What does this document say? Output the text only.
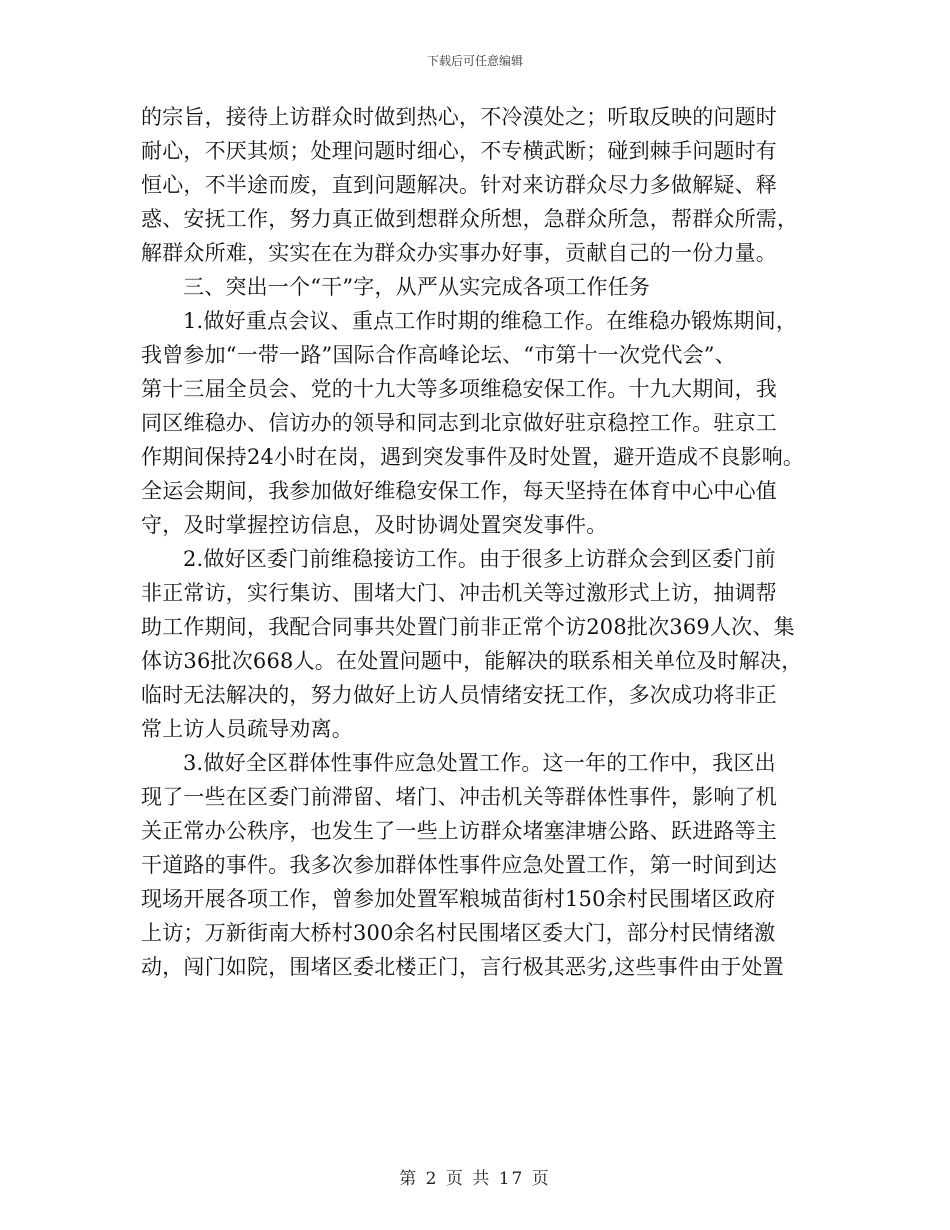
下载后可任意编辑
的宗旨，接待上访群众时做到热心，不冷漠处之；听取反映的问题时
耐心，不厌其烦；处理问题时细心，不专横武断；碰到棘手问题时有
恒心，不半途而废，直到问题解决。针对来访群众尽力多做解疑、释
惑、安抚工作，努力真正做到想群众所想，急群众所急，帮群众所需，
解群众所难，实实在在为群众办实事办好事，贡献自己的一份力量。
三、突出一个“干”字，从严从实完成各项工作任务
1.做好重点会议、重点工作时期的维稳工作。在维稳办锻炼期间，
我曾参加“一带一路”国际合作高峰论坛、“市第十一次党代会”、
第十三届全员会、党的十九大等多项维稳安保工作。十九大期间，我
同区维稳办、信访办的领导和同志到北京做好驻京稳控工作。驻京工
作期间保持24小时在岗，遇到突发事件及时处置，避开造成不良影响。
全运会期间，我参加做好维稳安保工作，每天坚持在体育中心中心值
守，及时掌握控访信息，及时协调处置突发事件。
2.做好区委门前维稳接访工作。由于很多上访群众会到区委门前
非正常访，实行集访、围堵大门、冲击机关等过激形式上访，抽调帮
助工作期间，我配合同事共处置门前非正常个访208批次369人次、集
体访36批次668人。在处置问题中，能解决的联系相关单位及时解决，
临时无法解决的，努力做好上访人员情绪安抚工作，多次成功将非正
常上访人员疏导劝离。
3.做好全区群体性事件应急处置工作。这一年的工作中，我区出
现了一些在区委门前滞留、堵门、冲击机关等群体性事件，影响了机
关正常办公秩序，也发生了一些上访群众堵塞津塘公路、跃进路等主
干道路的事件。我多次参加群体性事件应急处置工作，第一时间到达
现场开展各项工作，曾参加处置军粮城苗街村150余村民围堵区政府
上访；万新街南大桥村300余名村民围堵区委大门，部分村民情绪激
动，闯门如院，围堵区委北楼正门，言行极其恶劣,这些事件由于处置
第 2 页 共 17 页
